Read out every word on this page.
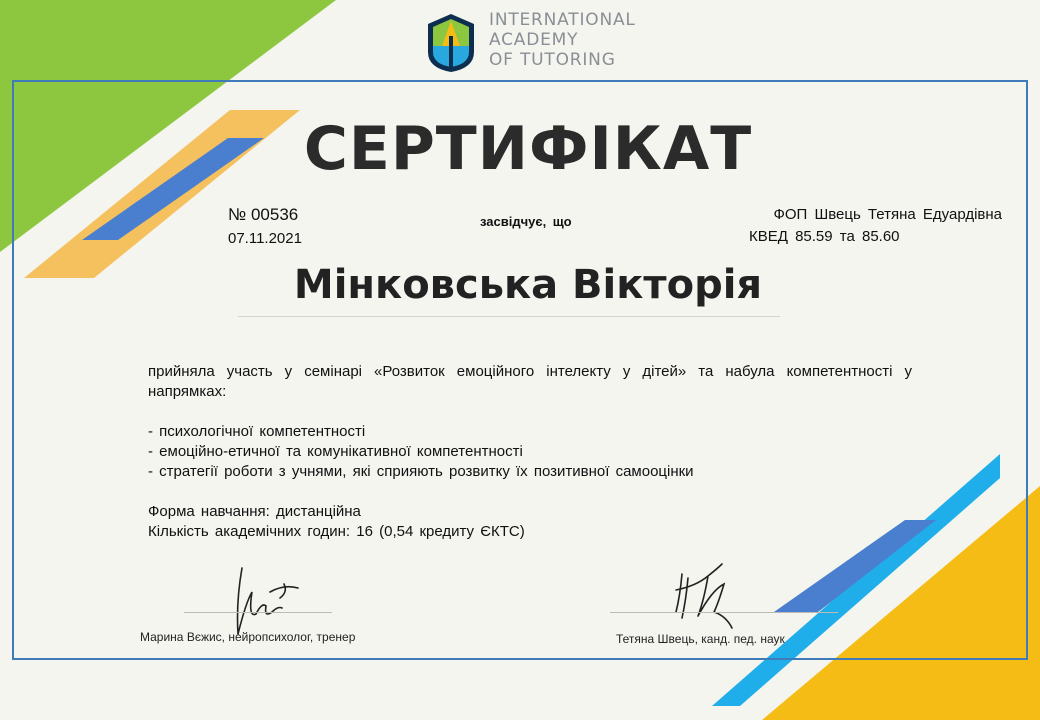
INTERNATIONAL
ACADEMY
OF TUTORING
СЕРТИФІКАТ
№ 00536
07.11.2021
засвідчує, що	ФОП Швець Тетяна Едуардівна
КВЕД 85.59 та 85.60
Мінковська Вікторія
прийняла участь у семінарі «Розвиток емоційного інтелекту у дітей» та набула компетентності у напрямках:
- психологічної компетентності
- емоційно-етичної та комунікативної компетентності
- стратегії роботи з учнями, які сприяють розвитку їх позитивної самооцінки
Форма навчання: дистанційна
Кількість академічних годин: 16 (0,54 кредиту ЄКТС)
Марина Вєжис, нейропсихолог, тренер	Тетяна Швець, канд. пед. наук
